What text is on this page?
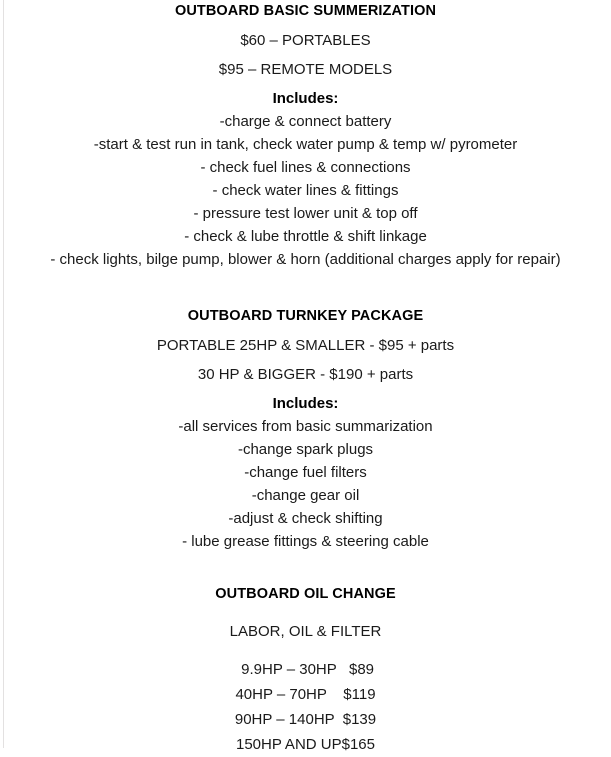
OUTBOARD BASIC SUMMERIZATION
$60 – PORTABLES
$95 – REMOTE MODELS
Includes:
-charge & connect battery
-start & test run in tank, check water pump & temp w/ pyrometer
- check fuel lines & connections
- check water lines & fittings
- pressure test lower unit & top off
- check & lube throttle & shift linkage
- check lights, bilge pump, blower & horn (additional charges apply for repair)
OUTBOARD TURNKEY PACKAGE
PORTABLE 25HP & SMALLER - $95 + parts
30 HP & BIGGER - $190 + parts
Includes:
-all services from basic summarization
-change spark plugs
-change fuel filters
-change gear oil
-adjust & check shifting
- lube grease fittings & steering cable
OUTBOARD OIL CHANGE
LABOR, OIL & FILTER
9.9HP – 30HP   $89
40HP – 70HP    $119
90HP – 140HP  $139
150HP AND UP$165
